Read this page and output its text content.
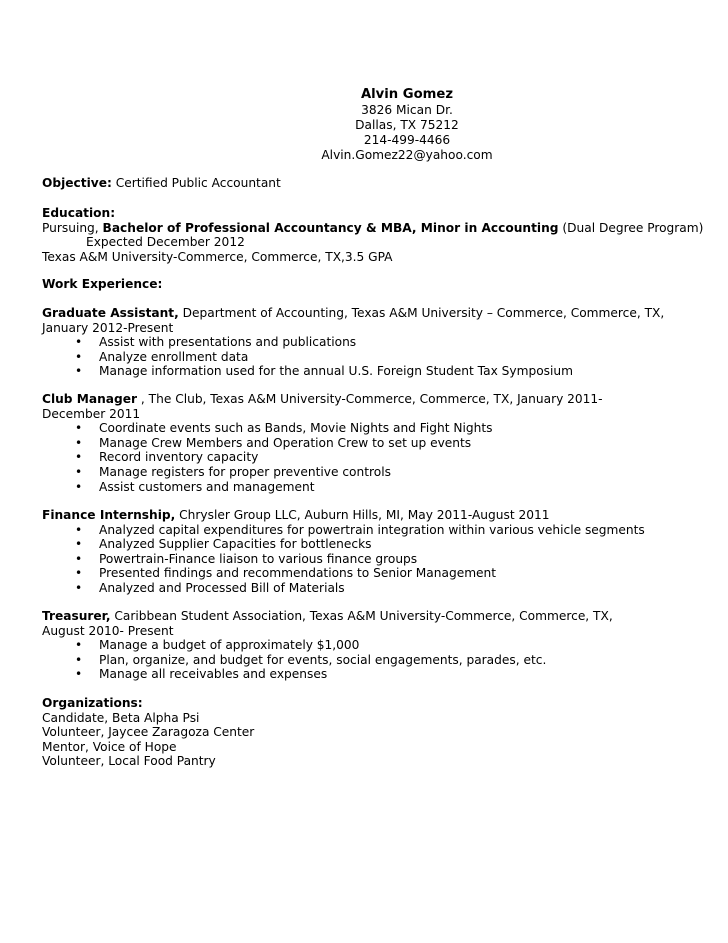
Alvin Gomez
3826 Mican Dr.
Dallas, TX 75212
214-499-4466
Alvin.Gomez22@yahoo.com
Objective: Certified Public Accountant
Education:
Pursuing, Bachelor of Professional Accountancy & MBA, Minor in Accounting (Dual Degree Program)
Expected December 2012
Texas A&M University-Commerce, Commerce, TX,3.5 GPA
Work Experience:
Graduate Assistant, Department of Accounting, Texas A&M University – Commerce, Commerce, TX,
January 2012-Present
• Assist with presentations and publications
• Analyze enrollment data
• Manage information used for the annual U.S. Foreign Student Tax Symposium
Club Manager , The Club, Texas A&M University-Commerce, Commerce, TX, January 2011-
December 2011
• Coordinate events such as Bands, Movie Nights and Fight Nights
• Manage Crew Members and Operation Crew to set up events
• Record inventory capacity
• Manage registers for proper preventive controls
• Assist customers and management
Finance Internship, Chrysler Group LLC, Auburn Hills, MI, May 2011-August 2011
• Analyzed capital expenditures for powertrain integration within various vehicle segments
• Analyzed Supplier Capacities for bottlenecks
• Powertrain-Finance liaison to various finance groups
• Presented findings and recommendations to Senior Management
• Analyzed and Processed Bill of Materials
Treasurer, Caribbean Student Association, Texas A&M University-Commerce, Commerce, TX,
August 2010- Present
• Manage a budget of approximately $1,000
• Plan, organize, and budget for events, social engagements, parades, etc.
• Manage all receivables and expenses
Organizations:
Candidate, Beta Alpha Psi
Volunteer, Jaycee Zaragoza Center
Mentor, Voice of Hope
Volunteer, Local Food Pantry
